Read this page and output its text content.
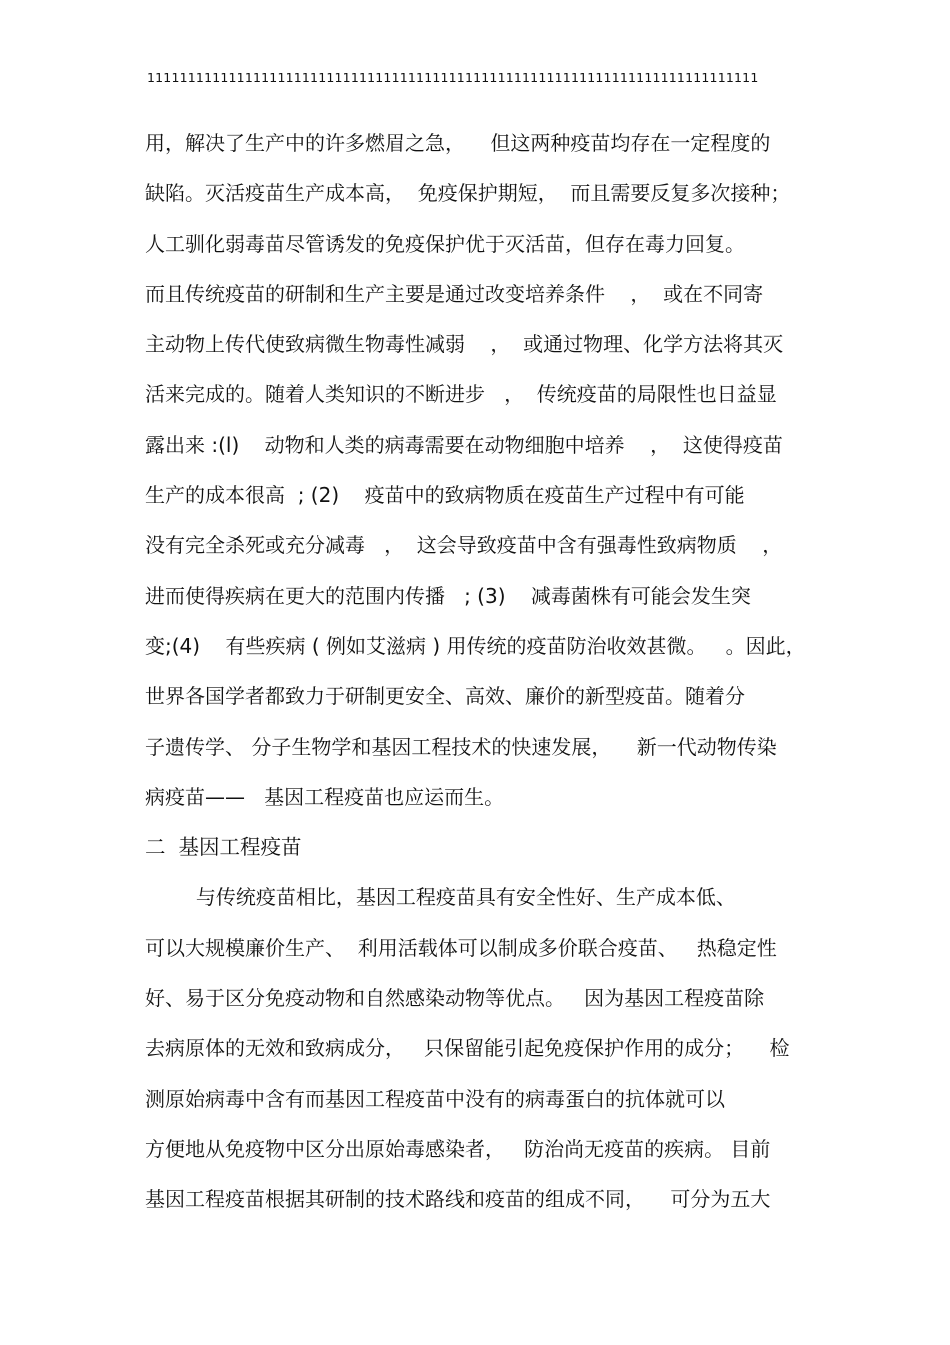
111111111111111111111111111111111111111111111111111111111111111111111111111
用，解决了生产中的许多燃眉之急，    但这两种疫苗均存在一定程度的
缺陷。灭活疫苗生产成本高，  免疫保护期短，  而且需要反复多次接种；
人工驯化弱毒苗尽管诱发的免疫保护优于灭活苗，但存在毒力回复。
而且传统疫苗的研制和生产主要是通过改变培养条件    ，  或在不同寄
主动物上传代使致病微生物毒性减弱    ，  或通过物理、化学方法将其灭
活来完成的。随着人类知识的不断进步   ，  传统疫苗的局限性也日益显
露出来 :(l)    动物和人类的病毒需要在动物细胞中培养    ，  这使得疫苗
生产的成本很高  ; (2)    疫苗中的致病物质在疫苗生产过程中有可能
没有完全杀死或充分减毒   ，  这会导致疫苗中含有强毒性致病物质    ，
进而使得疾病在更大的范围内传播   ; (3)    减毒菌株有可能会发生突
变;(4)    有些疾病 ( 例如艾滋病 ) 用传统的疫苗防治收效甚微。   。因此，
世界各国学者都致力于研制更安全、高效、廉价的新型疫苗。随着分
子遗传学、 分子生物学和基因工程技术的快速发展，    新一代动物传染
病疫苗——   基因工程疫苗也应运而生。
二  基因工程疫苗
与传统疫苗相比，基因工程疫苗具有安全性好、生产成本低、
可以大规模廉价生产、  利用活载体可以制成多价联合疫苗、   热稳定性
好、易于区分免疫动物和自然感染动物等优点。   因为基因工程疫苗除
去病原体的无效和致病成分，   只保留能引起免疫保护作用的成分；    检
测原始病毒中含有而基因工程疫苗中没有的病毒蛋白的抗体就可以
方便地从免疫物中区分出原始毒感染者，   防治尚无疫苗的疾病。 目前
基因工程疫苗根据其研制的技术路线和疫苗的组成不同，    可分为五大
